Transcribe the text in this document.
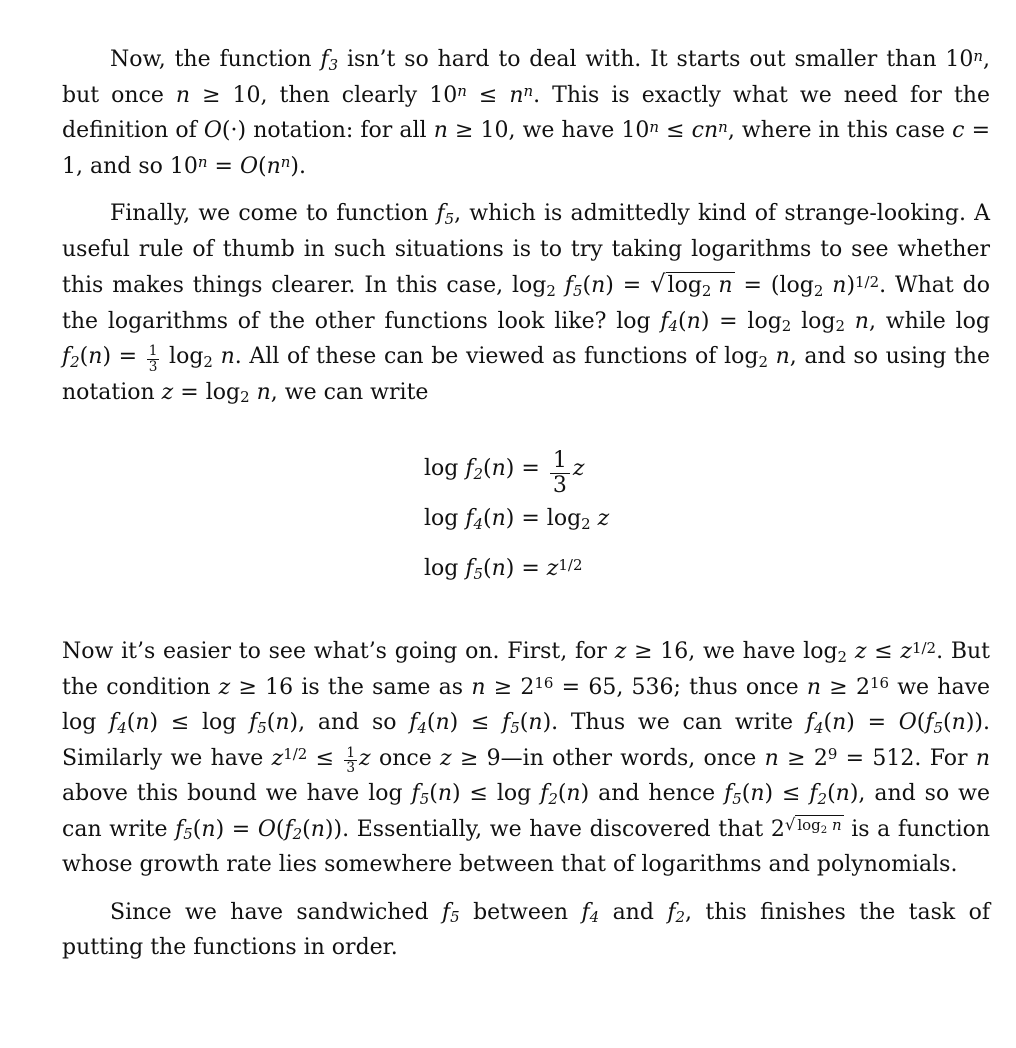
Now, the function $f_3$ isn’t so hard to deal with. It starts out smaller than 10$^n$, but once n ≥ 10, then clearly $10^n \le n^n$. This is exactly what we need for the definition of O(·) notation: for all n ≥ 10, we have $10^n \le cn^n$, where in this case c = 1, and so $10^n = O(n^n)$.

Finally, we come to function $f_5$, which is admittedly kind of strange-looking. A useful rule of thumb in such situations is to try taking logarithms to see whether this makes things clearer. In this case, $\log_2 f_5(n) = √\log_2$ $n = (\log_2$ n)$^{1/2}$. What do the logarithms of the other functions look like? $\log f_4(n) = \log_2 \log_2 n$, while $\log f_2(n) = \frac{1}{3} \log_2 n$. All of these can be viewed as functions of $\log_2 n$, and so using the notation $z = \log_2 n$, we can write

$\log f_2(n) = \frac{1}{3}$ z
$\log f_4(n) = \log_2 z$
$\log f_5(n) = z^{1/2}$

Now it’s easier to see what’s going on. First, for z ≥ 16, we have $\log_2 z \le z^{1/2}$. But the condition z ≥ 16 is the same as $n \ge 2^{16} = 65$, 536; thus once $n \ge 2^{16}$ we have $\log f_4(n) \le \log f_5(n)$, and so $f_4(n) \le f_5(n)$. Thus we can write $f_4(n) = O(f_5(n))$. Similarly we have $z^{1/2} \le \frac{1}{3}$ z once z ≥ 9—in other words, once $n \ge 2^9 = 512$. For n above this bound we have $\log f_5(n) \le \log f_2(n)$ and hence $f_5(n) \le f_2(n)$, and so we can write $f_5(n) = O(f_2(n))$. Essentially, we have discovered that $2^{√ log_2 n}$ is a function whose growth rate lies somewhere between that of logarithms and polynomials.

Since we have sandwiched $f_5$ between $f_4$ and $f_2$, this finishes the task of putting the functions in order.
